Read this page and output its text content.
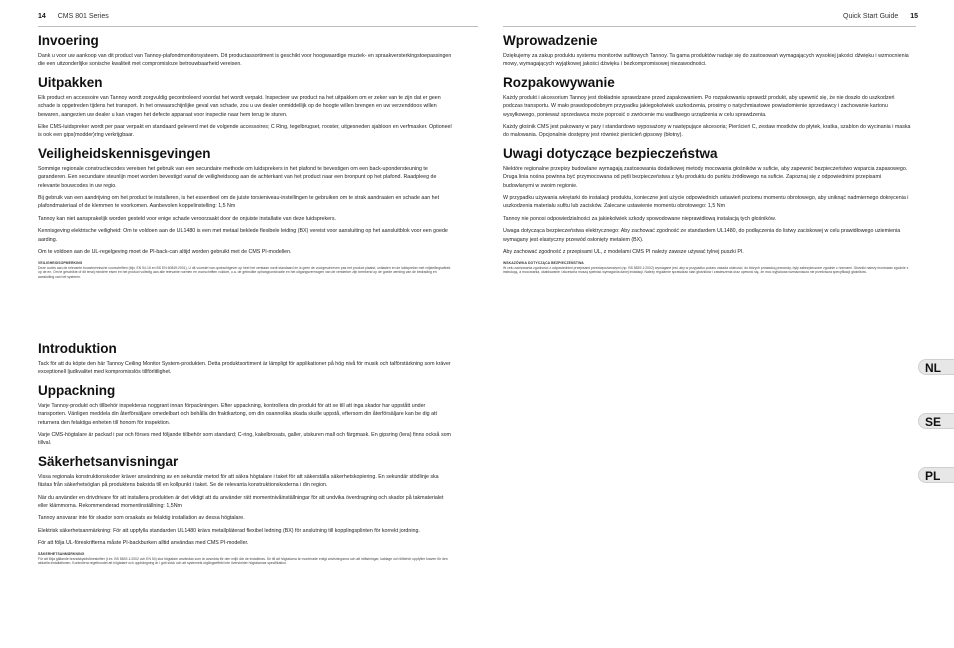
14 CMS 801 Series	Quick Start Guide 15
Invoering

Dank u voor uw aankoop van dit product van Tannoy-plafondmonitorsysteem. Dit productassortiment is geschikt voor hoogwaardige muziek- en spraakversterkingstoepassingen die een uitzonderlijke sonische kwaliteit met compromisloze betrouwbaarheid vereisen.

Uitpakken

Elk product en accessoire van Tannoy wordt zorgvuldig gecontroleerd voordat het wordt verpakt. Inspecteer uw product na het uitpakken om er zeker van te zijn dat er geen schade is opgetreden tijdens het transport. In het onwaarschijnlijke geval van schade, zou u uw dealer onmiddellijk op de hoogte willen brengen en uw verzenddoos willen bewaren, aangezien uw dealer u kan vragen het defecte apparaat voor inspectie naar hem terug te sturen.

Elke CMS-luidspreker wordt per paar verpakt en standaard geleverd met de volgende accessoires; C Ring, tegelbrugset, rooster, uitgesneden sjabloon en verfmasker. Optioneel is ook een gips(modder)ring verkrijgbaar.

Veiligheidskennisgevingen

Sommige regionale constructiecodes vereisen het gebruik van een secundaire methode om luidsprekers in het plafond te bevestigen om een back-upondersteuning te garanderen. Een secundaire steunlijn moet worden bevestigd vanaf de veiligheidsoog aan de achterkant van het product naar een bronpunt op het plafond. Raadpleeg de relevante bouwcodes in uw regio.

Bij gebruik van een aandrijving om het product te installeren, is het essentieel om de juiste torsieniveau-instellingen te gebruiken om te strak aandraaien en schade aan het plafondmateriaal of de klemmen te voorkomen. Aanbevolen koppelinstelling: 1,5 Nm

Tannoy kan niet aansprakelijk worden gesteld voor enige schade veroorzaakt door de onjuiste installatie van deze luidsprekers.

Kennisgeving elektrische veiligheid: Om te voldoen aan de UL1480 is een met metaal beklede flexibele leiding (BX) vereist voor aansluiting op het aansluitblok voor een goede aarding.

Om te voldoen aan de UL-regelgeving moet de PI-back-can altijd worden gebruikt met de CMS PI-modellen.

VEILIGHEIDSOPMERKING

Deze codes aan de relevante bouwtechnische voorschriften (bijv. EN 54-16 en BS EN 60849:2001), U dit voorstel van opdrachtgever op heel het verstaan vordt standaard en is geen de voorgeschreven pas het product plaatst, ontlasten en de luidspreker met vrijstellingsaftrek op de en. Om te geschikte of dit tenzij mindere eisen en het product volledig aan alle relevante normen en voorschriften voldoet, o.a. de gebruikte ophangconstructie en het uitgangsvermogen van de versterker zijn berekend op de goede werking van de bedrading en aansluiting van het systeem.

Introduktion

Tack för att du köpte den här Tannoy Ceiling Monitor System-produkten. Detta produktsortiment är lämpligt för applikationer på hög nivå för musik och talförstärkning som kräver exceptionell ljudkvalitet med kompromisslös tillförlitlighet.

Uppackning

Varje Tannoy-produkt och tillbehör inspekteras noggrant innan förpackningen. Efter uppackning, kontrollera din produkt för att se till att inga skador har uppstått under transporten. Vänligen meddela din återförsäljare omedelbart och behålla din fraktkartong, om din osannolika skada skulle uppstå, eftersom din återförsäljare kan be dig att returnera den felaktiga enheten till honom för inspektion.

Varje CMS-högtalare är packad i par och förses med följande tillbehör som standard; C-ring, kakelbrosats, galler, utskuren mall och färgmask. En gipsring (lera) finns också som tillval.

Säkerhetsanvisningar

Vissa regionala konstruktionskoder kräver användning av en sekundär metod för att säkra högtalare i taket för att säkerställa säkerhetskopiering. En sekundär stödlinje ska fästas från säkerhetsöglan på produktens baksida till en kollpunkt i taket. Se de relevanta konstruktionskoderna i din region.

När du använder en drivdrivare för att installera produkten är det viktigt att du använder rätt momentnivåinställningar för att undvika överdragning och skador på takmaterialet eller klämmorna. Rekommenderad momentinställning: 1,5Nm

Tannoy ansvarar inte för skador som orsakats av felaktig installation av dessa högtalare.

Elektrisk säkerhetsanmärkning: För att uppfylla standarden UL1480 krävs metallpläterad flexibel ledning (BX) för anslutning till kopplingsplinten för korrekt jordning.

För att följa UL-föreskrifterna måste PI-backburken alltid användas med CMS PI-modeller.

SÄKERHETSANMÄRKNING

För att följa gällande brandskyddsföreskrifter (t.ex. BS 5839-1:2002 och EN 54) ska högtalare användas som är avsedda för den miljö där de installeras. Se till att högtalarna är monterade enligt anvisningarna och att infästningar, kablage och tillbehör uppfyller kraven för den aktuella installationen. Kontrollera regelbundet att högtalare och upphängning är i gott skick och att systemets utgångseffekt inte överskrider högtalarnas specifikation.

Wprowadzenie

Dziękujemy za zakup produktu systemu monitorów sufitowych Tannoy. Ta gama produktów nadaje się do zastosowań wymagających wysokiej jakości dźwięku i wzmocnienia mowy, wymagających wyjątkowej jakości dźwięku i bezkompromisowej niezawodności.

Rozpakowywanie

Każdy produkt i akcesorium Tannoy jest dokładnie sprawdzane przed zapakowaniem. Po rozpakowaniu sprawdź produkt, aby upewnić się, że nie doszło do uszkodzeń podczas transportu. W mało prawdopodobnym przypadku jakiegokolwiek uszkodzenia, prosimy o natychmiastowe powiadomienie sprzedawcy i zachowanie kartonu wysyłkowego, ponieważ sprzedawca może poprosić o zwrócenie mu wadliwego urządzenia w celu sprawdzenia.

Każdy głośnik CMS jest pakowany w pary i standardowo wyposażony w następujące akcesoria; Pierścień C, zestaw mostków do płytek, kratka, szablon do wycinania i maska do malowania. Opcjonalnie dostępny jest również pierścień gipsowy (błotny).

Uwagi dotyczące bezpieczeństwa

Niektóre regionalne przepisy budowlane wymagają zastosowania dodatkowej metody mocowania głośników w suficie, aby zapewnić bezpieczeństwo wsparcia zapasowego. Druga linia nośna powinna być przymocowana od pętli bezpieczeństwa z tyłu produktu do punktu źródłowego na suficie. Zapoznaj się z odpowiednimi przepisami budowlanymi w swoim regionie.

W przypadku używania wkrętarki do instalacji produktu, konieczne jest użycie odpowiednich ustawień poziomu momentu obrotowego, aby uniknąć nadmiernego dokręcenia i uszkodzenia materiału sufitu lub zacisków. Zalecane ustawienie momentu obrotowego: 1,5 Nm

Tannoy nie ponosi odpowiedzialności za jakiekolwiek szkody spowodowane nieprawidłową instalacją tych głośników.

Uwaga dotycząca bezpieczeństwa elektrycznego: Aby zachować zgodność ze standardem UL1480, do podłączenia do listwy zaciskowej w celu prawidłowego uziemienia wymagany jest elastyczny przewód osłonięty metalem (BX).

Aby zachować zgodność z przepisami UL, z modelami CMS PI należy zawsze używać tylnej puszki PI.

WSKAZÓWKA DOTYCZĄCA BEZPIECZEŃSTWA

W celu zachowania zgodności z odpowiednimi przepisami przeciwpożarowymi (np. BS 5839-1:2002) wymagane jest, aby w przypadku pożaru zasada ulotności, do których prowadzą przewody, były zabezpieczone zgodnie z normami. Głośniki należy montować zgodnie z instrukcją, a mocowania, okablowanie i akcesoria muszą spełniać wymagania danej instalacji. Należy regularnie sprawdzać stan głośników i zawieszenia oraz upewnić się, że moc wyjściowa wzmacniacza nie przekracza specyfikacji głośników.

NL
SE
PL
